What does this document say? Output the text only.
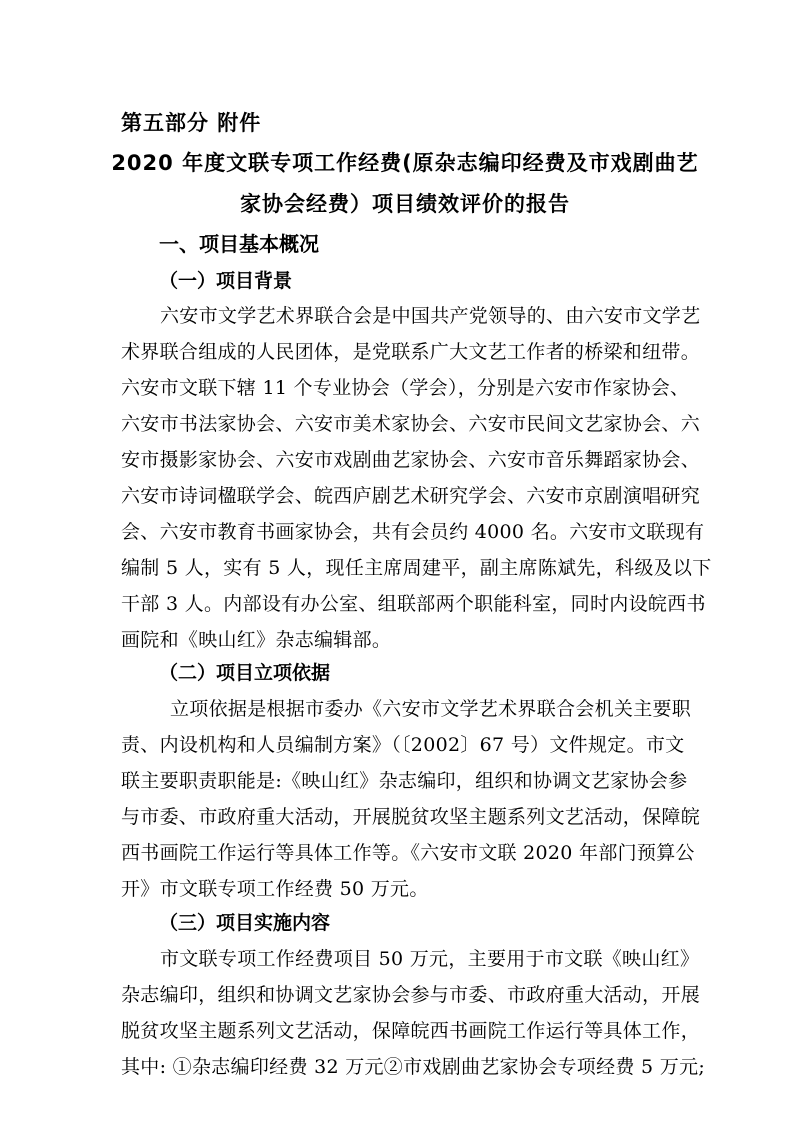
第五部分 附件
2020 年度文联专项工作经费(原杂志编印经费及市戏剧曲艺
家协会经费）项目绩效评价的报告
一、项目基本概况
（一）项目背景
六安市文学艺术界联合会是中国共产党领导的、由六安市文学艺
术界联合组成的人民团体，是党联系广大文艺工作者的桥梁和纽带。
六安市文联下辖 11 个专业协会（学会），分别是六安市作家协会、
六安市书法家协会、六安市美术家协会、六安市民间文艺家协会、六
安市摄影家协会、六安市戏剧曲艺家协会、六安市音乐舞蹈家协会、
六安市诗词楹联学会、皖西庐剧艺术研究学会、六安市京剧演唱研究
会、六安市教育书画家协会，共有会员约 4000 名。六安市文联现有
编制 5 人，实有 5 人，现任主席周建平，副主席陈斌先，科级及以下
干部 3 人。内部设有办公室、组联部两个职能科室，同时内设皖西书
画院和《映山红》杂志编辑部。
（二）项目立项依据
立项依据是根据市委办《六安市文学艺术界联合会机关主要职
责、内设机构和人员编制方案》（〔2002〕67 号）文件规定。市文
联主要职责职能是:《映山红》杂志编印，组织和协调文艺家协会参
与市委、市政府重大活动，开展脱贫攻坚主题系列文艺活动，保障皖
西书画院工作运行等具体工作等。《六安市文联 2020 年部门预算公
开》市文联专项工作经费 50 万元。
（三）项目实施内容
市文联专项工作经费项目 50 万元，主要用于市文联《映山红》
杂志编印，组织和协调文艺家协会参与市委、市政府重大活动，开展
脱贫攻坚主题系列文艺活动，保障皖西书画院工作运行等具体工作，
其中: ①杂志编印经费 32 万元②市戏剧曲艺家协会专项经费 5 万元;
